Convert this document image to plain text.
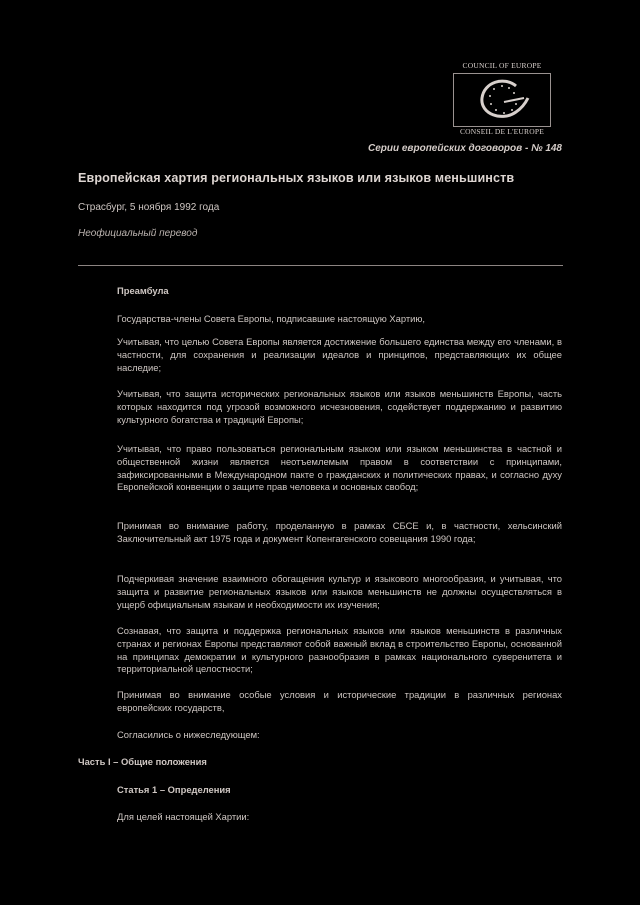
COUNCIL OF EUROPE
CONSEIL DE L'EUROPE
Серии европейских договоров - № 148
Европейская хартия региональных языков или языков меньшинств
Страсбург, 5 ноября 1992 года
Неофициальный перевод
Преамбула
Государства-члены Совета Европы, подписавшие настоящую Хартию,
Учитывая, что целью Совета Европы является достижение большего единства между его членами, в частности, для сохранения и реализации идеалов и принципов, представляющих их общее наследие;
Учитывая, что защита исторических региональных языков или языков меньшинств Европы, часть которых находится под угрозой возможного исчезновения, содействует поддержанию и развитию культурного богатства и традиций Европы;
Учитывая, что право пользоваться региональным языком или языком меньшинства в частной и общественной жизни является неотъемлемым правом в соответствии с принципами, зафиксированными в Международном пакте о гражданских и политических правах, и согласно духу Европейской конвенции о защите прав человека и основных свобод;
Принимая во внимание работу, проделанную в рамках СБСЕ и, в частности, хельсинский Заключительный акт 1975 года и документ Копенгагенского совещания 1990 года;
Подчеркивая значение взаимного обогащения культур и языкового многообразия, и учитывая, что защита и развитие региональных языков или языков меньшинств не должны осуществляться в ущерб официальным языкам и необходимости их изучения;
Сознавая, что защита и поддержка региональных языков или языков меньшинств в различных странах и регионах Европы представляют собой важный вклад в строительство Европы, основанной на принципах демократии и культурного разнообразия в рамках национального суверенитета и территориальной целостности;
Принимая во внимание особые условия и исторические традиции в различных регионах европейских государств,
Согласились о нижеследующем:
Часть I – Общие положения
Статья 1 – Определения
Для целей настоящей Хартии:
